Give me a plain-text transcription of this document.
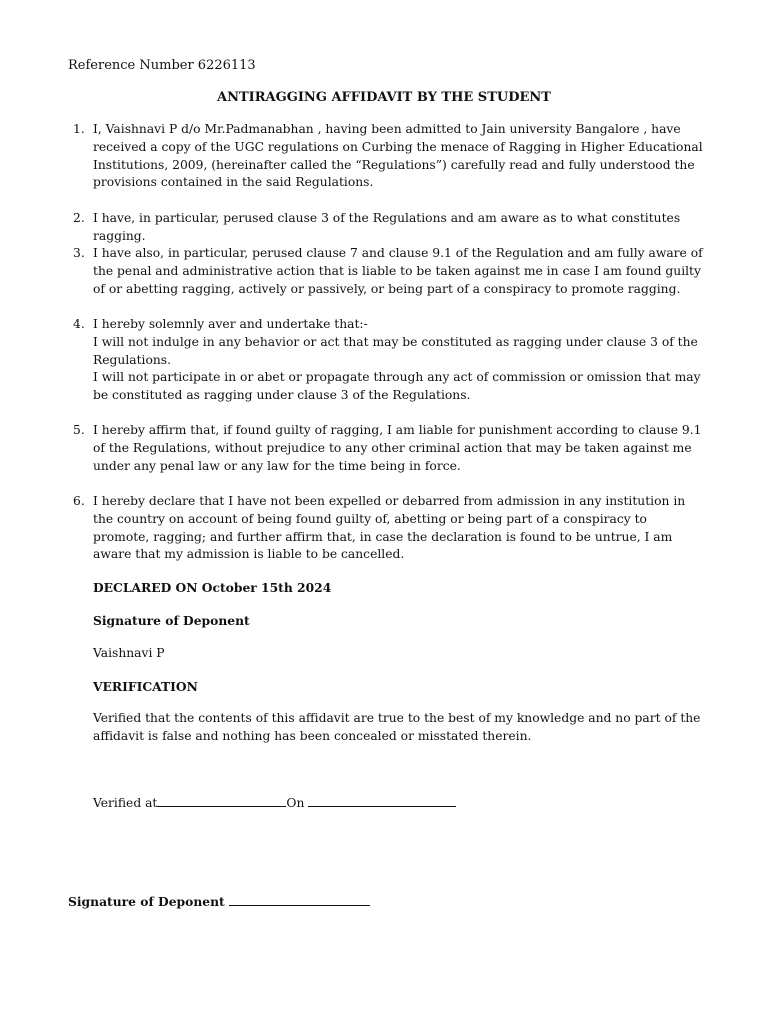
Reference Number 6226113
ANTIRAGGING AFFIDAVIT BY THE STUDENT
1. I, Vaishnavi P d/o Mr.Padmanabhan , having been admitted to Jain university Bangalore , have received a copy of the UGC regulations on Curbing the menace of Ragging in Higher Educational Institutions, 2009, (hereinafter called the “Regulations”) carefully read and fully understood the provisions contained in the said Regulations.

2. I have, in particular, perused clause 3 of the Regulations and am aware as to what constitutes ragging.

3. I have also, in particular, perused clause 7 and clause 9.1 of the Regulation and am fully aware of the penal and administrative action that is liable to be taken against me in case I am found guilty of or abetting ragging, actively or passively, or being part of a conspiracy to promote ragging.

4. I hereby solemnly aver and undertake that:-

I will not indulge in any behavior or act that may be constituted as ragging under clause 3 of the Regulations.

I will not participate in or abet or propagate through any act of commission or omission that may be constituted as ragging under clause 3 of the Regulations.

5. I hereby affirm that, if found guilty of ragging, I am liable for punishment according to clause 9.1 of the Regulations, without prejudice to any other criminal action that may be taken against me under any penal law or any law for the time being in force.

6. I hereby declare that I have not been expelled or debarred from admission in any institution in the country on account of being found guilty of, abetting or being part of a conspiracy to promote, ragging; and further affirm that, in case the declaration is found to be untrue, I am aware that my admission is liable to be cancelled.

DECLARED ON October 15th 2024
Signature of Deponent
Vaishnavi P
VERIFICATION
Verified that the contents of this affidavit are true to the best of my knowledge and no part of the affidavit is false and nothing has been concealed or misstated therein.
Verified at	On
Signature of Deponent
